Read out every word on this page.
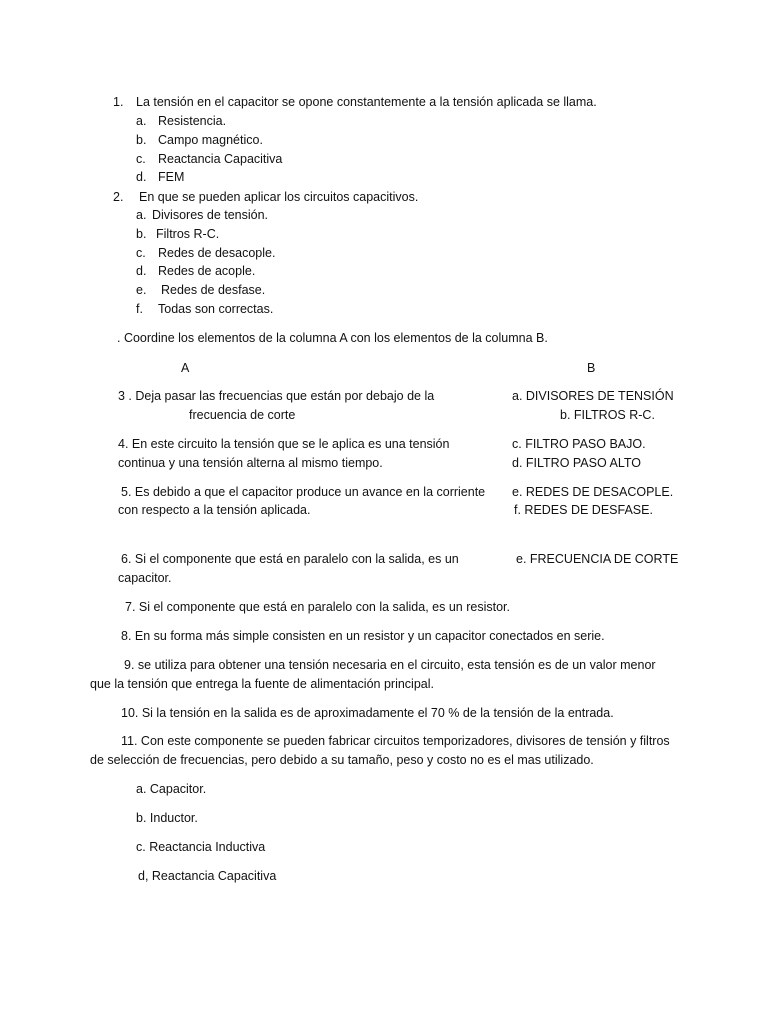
1. La tensión en el capacitor se opone constantemente a la tensión aplicada se llama.
a. Resistencia.
b. Campo magnético.
c. Reactancia Capacitiva
d. FEM
2. En que se pueden aplicar los circuitos capacitivos.
a. Divisores de tensión.
b. Filtros R-C.
c. Redes de desacople.
d. Redes de acople.
e. Redes de desfase.
f. Todas son correctas.
. Coordine los elementos de la columna A con los elementos de la columna B.
A	B
3 . Deja pasar las frecuencias que están por debajo de la
frecuencia de corte
a. DIVISORES DE TENSIÓN
b. FILTROS R-C.
4. En este circuito la tensión que se le aplica es una tensión
continua y una tensión alterna al mismo tiempo.
c. FILTRO PASO BAJO.
d. FILTRO PASO ALTO
5. Es debido a que el capacitor produce un avance en la corriente
con respecto a la tensión aplicada.
e. REDES DE DESACOPLE.
f. REDES DE DESFASE.
6. Si el componente que está en paralelo con la salida, es un
capacitor.
e. FRECUENCIA DE CORTE
7. Si el componente que está en paralelo con la salida, es un resistor.
8. En su forma más simple consisten en un resistor y un capacitor conectados en serie.
9. se utiliza para obtener una tensión necesaria en el circuito, esta tensión es de un valor menor
que la tensión que entrega la fuente de alimentación principal.
10. Si la tensión en la salida es de aproximadamente el 70 % de la tensión de la entrada.
11. Con este componente se pueden fabricar circuitos temporizadores, divisores de tensión y filtros
de selección de frecuencias, pero debido a su tamaño, peso y costo no es el mas utilizado.
a. Capacitor.
b. Inductor.
c. Reactancia Inductiva
d, Reactancia Capacitiva
